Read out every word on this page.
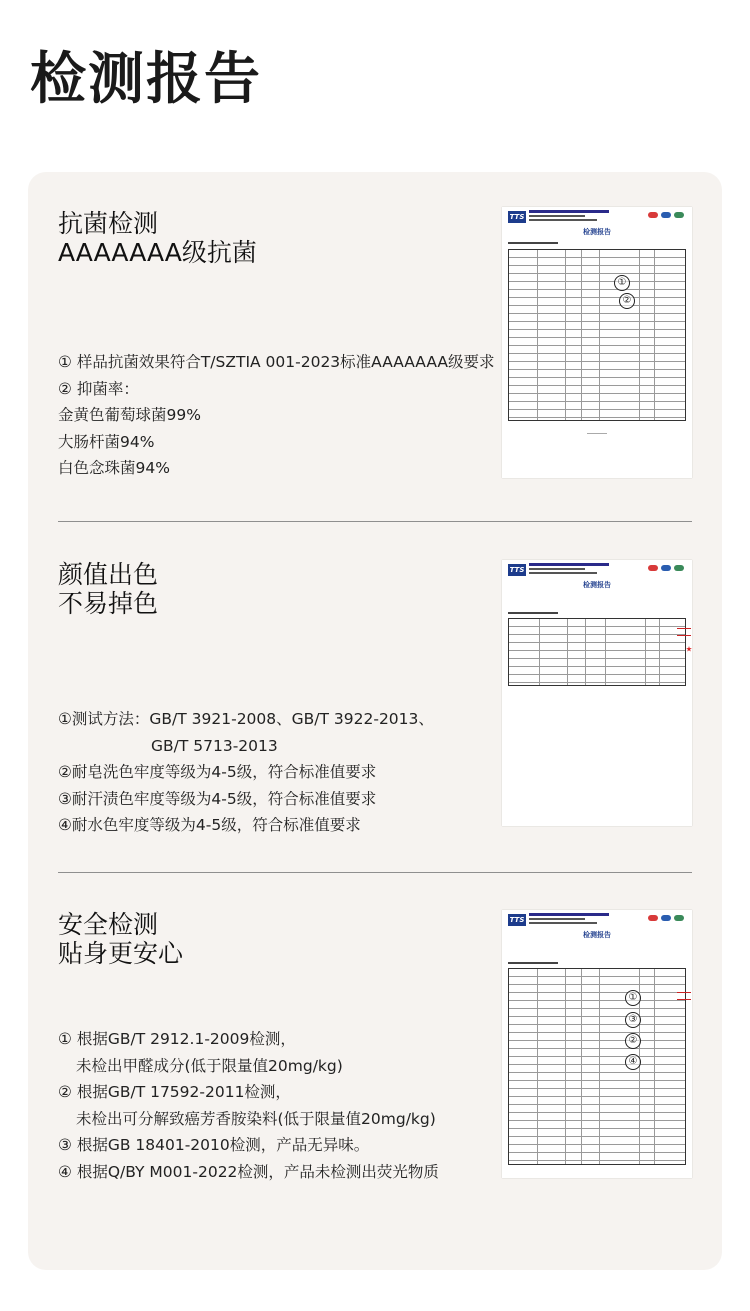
检测报告
抗菌检测
AAAAAAA级抗菌
① 样品抗菌效果符合T/SZTIA 001-2023标准AAAAAAA级要求
② 抑菌率：
金黄色葡萄球菌99%
大肠杆菌94%
白色念珠菌94%
TTS
检测报告
①
②
颜值出色
不易掉色
①测试方法：GB/T 3921-2008、GB/T 3922-2013、
GB/T 5713-2013
②耐皂洗色牢度等级为4-5级，符合标准值要求
③耐汗渍色牢度等级为4-5级，符合标准值要求
④耐水色牢度等级为4-5级，符合标准值要求
TTS
检测报告
安全检测
贴身更安心
① 根据GB/T 2912.1-2009检测，
未检出甲醛成分(低于限量值20mg/kg)
② 根据GB/T 17592-2011检测，
未检出可分解致癌芳香胺染料(低于限量值20mg/kg)
③ 根据GB 18401-2010检测，产品无异味。
④ 根据Q/BY M001-2022检测，产品未检测出荧光物质
TTS
检测报告
①
②
③
④
